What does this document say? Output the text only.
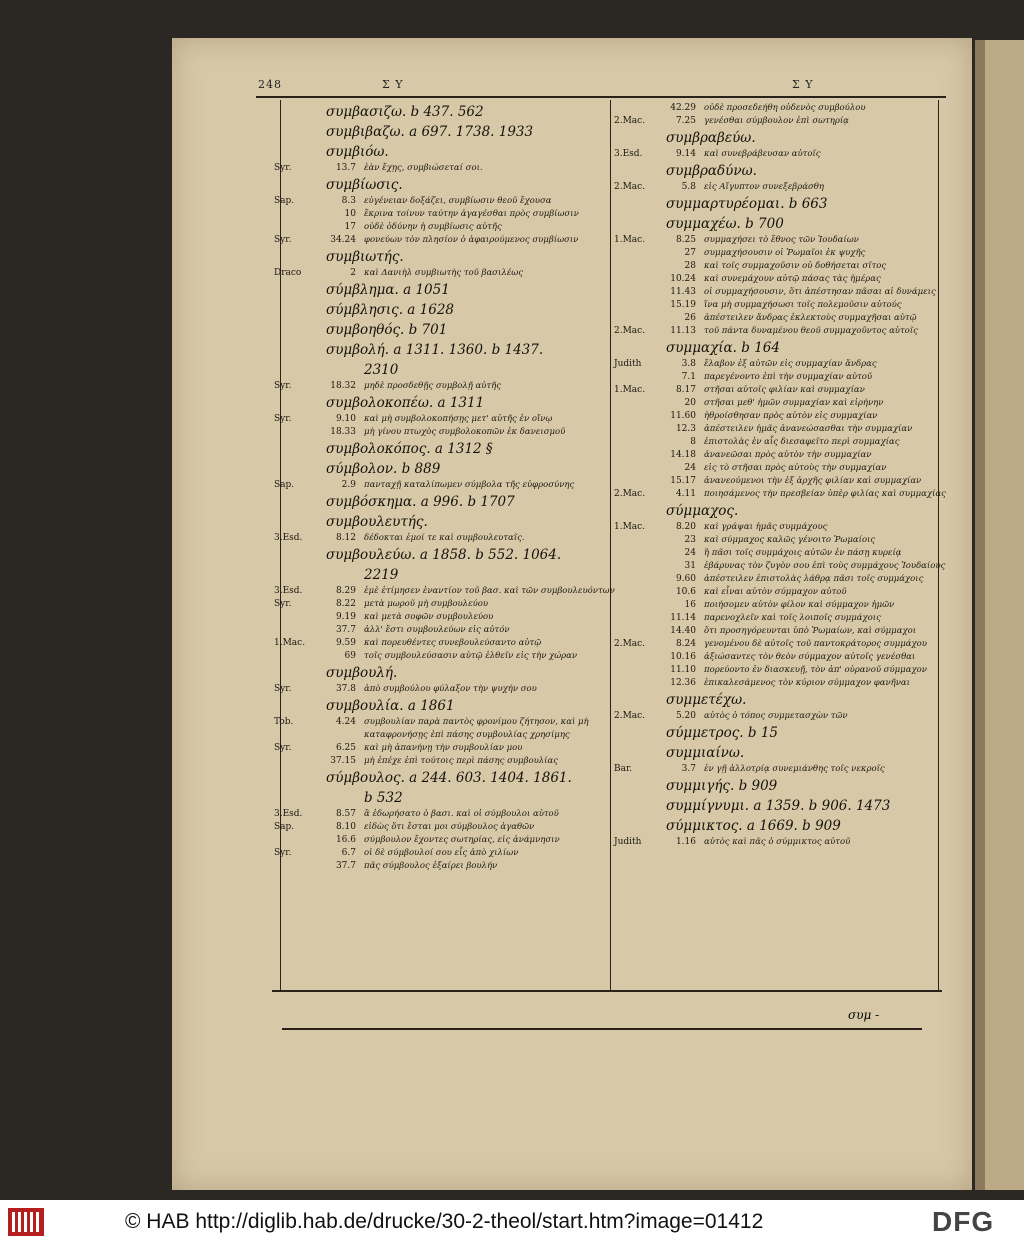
248	Σ Υ	Σ Υ
συμ -
συμβασιζω. b 437. 562
συμβιβαζω. a 697. 1738. 1933
συμβιόω.
Syr.	13.7 ἐὰν ἔχῃς, συμβιώσεταί σοι.
συμβίωσις.
Sap.	8.3 εὐγένειαν δοξάζει, συμβίωσιν θεοῦ ἔχουσα
10 ἔκρινα τοίνυν ταύτην ἀγαγέσθαι πρὸς συμβίωσιν
17 οὐδὲ ὀδύνην ἡ συμβίωσις αὐτῆς
Syr.	34.24 φονεύων τὸν πλησίον ὁ ἀφαιρούμενος συμβίωσιν
συμβιωτής.
Draco	2 καὶ Δανιὴλ συμβιωτὴς τοῦ βασιλέως
σύμβλημα. a 1051
σύμβλησις. a 1628
συμβοηθός. b 701
συμβολή. a 1311. 1360. b 1437.
2310
Syr.	18.32 μηδὲ προσδεθῇς συμβολῇ αὐτῆς
συμβολοκοπέω. a 1311
Syr.	9.10 καὶ μὴ συμβολοκοπήσῃς μετ' αὐτῆς ἐν οἴνῳ
18.33 μὴ γίνου πτωχὸς συμβολοκοπῶν ἐκ δανεισμοῦ
συμβολοκόπος. a 1312 §
σύμβολον. b 889
Sap.	2.9 πανταχῇ καταλίπωμεν σύμβολα τῆς εὐφροσύνης
συμβόσκημα. a 996. b 1707
συμβουλευτής.
3.Esd.	8.12 δέδοκται ἐμοί τε καὶ συμβουλευταῖς.
συμβουλεύω. a 1858. b 552. 1064.
2219
3.Esd.	8.29 ἐμὲ ἐτίμησεν ἐναντίον τοῦ βασ. καὶ τῶν συμβουλευόντων
Syr.	8.22 μετὰ μωροῦ μὴ συμβουλεύου
9.19 καὶ μετὰ σοφῶν συμβουλεύου
37.7 ἀλλ' ἔστι συμβουλεύων εἰς αὐτόν
1.Mac.	9.59 καὶ πορευθέντες συνεβουλεύσαντο αὐτῷ
69 τοῖς συμβουλεύσασιν αὐτῷ ἐλθεῖν εἰς τὴν χώραν
συμβουλή.
Syr.	37.8 ἀπὸ συμβούλου φύλαξον τὴν ψυχήν σου
συμβουλία. a 1861
Tob.	4.24 συμβουλίαν παρὰ παντὸς φρονίμου ζήτησον, καὶ μὴ
καταφρονήσῃς ἐπὶ πάσης συμβουλίας χρησίμης
Syr.	6.25 καὶ μὴ ἀπανήνῃ τὴν συμβουλίαν μου
37.15 μὴ ἐπέχε ἐπὶ τούτοις περὶ πάσης συμβουλίας
σύμβουλος. a 244. 603. 1404. 1861.
b 532
3.Esd.	8.57 ἃ ἐδωρήσατο ὁ βασι. καὶ οἱ σύμβουλοι αὐτοῦ
Sap.	8.10 εἰδὼς ὅτι ἔσται μοι σύμβουλος ἀγαθῶν
16.6 σύμβουλον ἔχοντες σωτηρίας, εἰς ἀνάμνησιν
Syr.	6.7 οἱ δὲ σύμβουλοί σου εἷς ἀπὸ χιλίων
37.7 πᾶς σύμβουλος ἐξαίρει βουλήν
42.29 οὐδὲ προσεδεήθη οὐδενὸς συμβούλου
2.Mac.	7.25 γενέσθαι σύμβουλον ἐπὶ σωτηρίᾳ
συμβραβεύω.
3.Esd.	9.14 καὶ συνεβράβευσαν αὐτοῖς
συμβραδύνω.
2.Mac.	5.8 εἰς Αἴγυπτον συνεξεβράσθη
συμμαρτυρέομαι. b 663
συμμαχέω. b 700
1.Mac.	8.25 συμμαχήσει τὸ ἔθνος τῶν Ἰουδαίων
27 συμμαχήσουσιν οἱ Ῥωμαῖοι ἐκ ψυχῆς
28 καὶ τοῖς συμμαχοῦσιν οὐ δοθήσεται σῖτος
10.24 καὶ συνεμάχουν αὐτῷ πάσας τὰς ἡμέρας
11.43 οἱ συμμαχήσουσιν, ὅτι ἀπέστησαν πᾶσαι αἱ δυνάμεις
15.19 ἵνα μὴ συμμαχήσωσι τοῖς πολεμοῦσιν αὐτούς
26 ἀπέστειλεν ἄνδρας ἐκλεκτοὺς συμμαχῆσαι αὐτῷ
2.Mac.	11.13 τοῦ πάντα δυναμένου θεοῦ συμμαχοῦντος αὐτοῖς
συμμαχία. b 164
Judith	3.8 ἔλαβον ἐξ αὐτῶν εἰς συμμαχίαν ἄνδρας
7.1 παρεγένοντο ἐπὶ τὴν συμμαχίαν αὐτοῦ
1.Mac.	8.17 στῆσαι αὐτοῖς φιλίαν καὶ συμμαχίαν
20 στῆσαι μεθ' ἡμῶν συμμαχίαν καὶ εἰρήνην
11.60 ἠθροίσθησαν πρὸς αὐτὸν εἰς συμμαχίαν
12.3 ἀπέστειλεν ἡμᾶς ἀνανεώσασθαι τὴν συμμαχίαν
8 ἐπιστολὰς ἐν αἷς διεσαφεῖτο περὶ συμμαχίας
14.18 ἀνανεῶσαι πρὸς αὐτὸν τὴν συμμαχίαν
24 εἰς τὸ στῆσαι πρὸς αὐτοὺς τὴν συμμαχίαν
15.17 ἀνανεούμενοι τὴν ἐξ ἀρχῆς φιλίαν καὶ συμμαχίαν
2.Mac.	4.11 ποιησάμενος τὴν πρεσβείαν ὑπὲρ φιλίας καὶ συμμαχίας
σύμμαχος.
1.Mac.	8.20 καὶ γράψαι ἡμᾶς συμμάχους
23 καὶ σύμμαχος καλῶς γένοιτο Ῥωμαίοις
24 ἢ πᾶσι τοῖς συμμάχοις αὐτῶν ἐν πάσῃ κυρείᾳ
31 ἐβάρυνας τὸν ζυγὸν σου ἐπὶ τοὺς συμμάχους Ἰουδαίους
9.60 ἀπέστειλεν ἐπιστολὰς λάθρᾳ πᾶσι τοῖς συμμάχοις
10.6 καὶ εἶναι αὐτὸν σύμμαχον αὐτοῦ
16 ποιήσομεν αὐτὸν φίλον καὶ σύμμαχον ἡμῶν
11.14 παρενοχλεῖν καὶ τοῖς λοιποῖς συμμάχοις
14.40 ὅτι προσηγόρευνται ὑπὸ Ῥωμαίων, καὶ σύμμαχοι
2.Mac.	8.24 γενομένου δὲ αὐτοῖς τοῦ παντοκράτορος συμμάχου
10.16 ἀξιώσαντες τὸν θεὸν σύμμαχον αὐτοῖς γενέσθαι
11.10 πορεύοντο ἐν διασκευῇ, τὸν ἀπ' οὐρανοῦ σύμμαχον
12.36 ἐπικαλεσάμενος τὸν κύριον σύμμαχον φανῆναι
συμμετέχω.
2.Mac.	5.20 αὐτὸς ὁ τόπος συμμετασχὼν τῶν
σύμμετρος. b 15
συμμιαίνω.
Bar.	3.7 ἐν γῇ ἀλλοτρίᾳ συνεμιάνθης τοῖς νεκροῖς
συμμιγής. b 909
συμμίγνυμι. a 1359. b 906. 1473
σύμμικτος. a 1669. b 909
Judith	1.16 αὐτὸς καὶ πᾶς ὁ σύμμικτος αὐτοῦ
© HAB http://diglib.hab.de/drucke/30-2-theol/start.htm?image=01412	DFG
